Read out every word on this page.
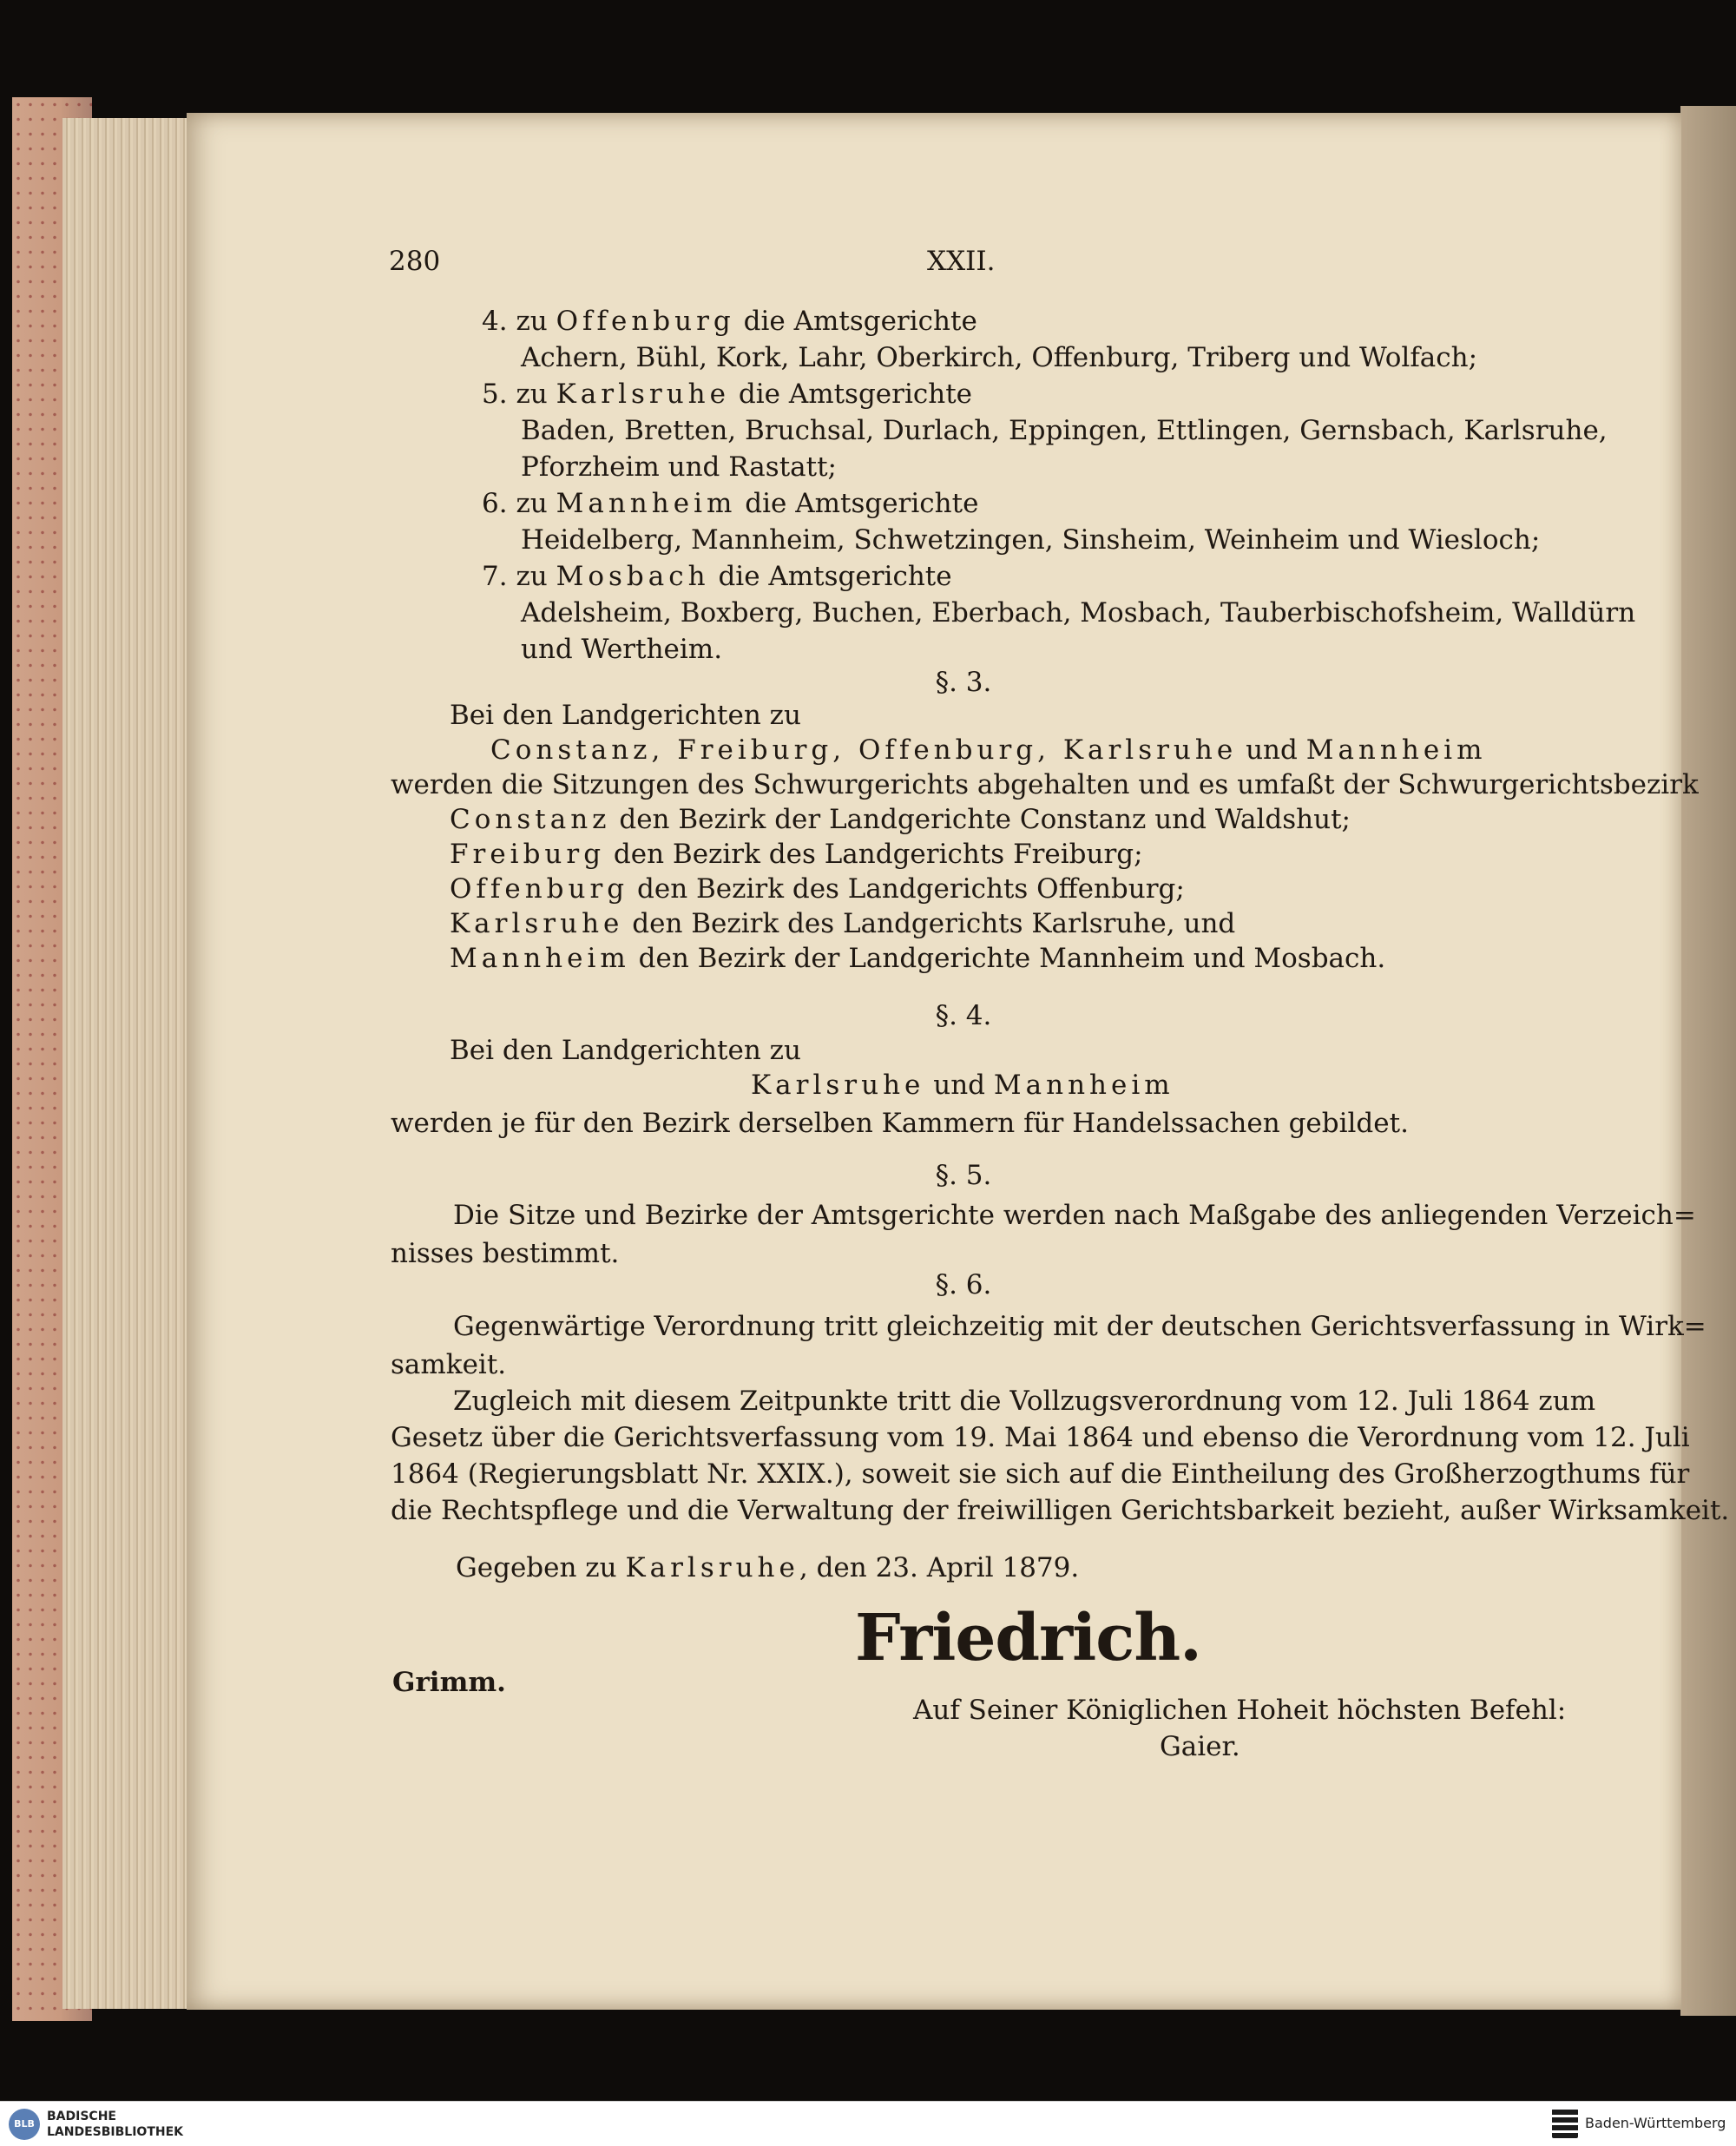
280	XXII.
4. zu Offenburg die Amtsgerichte
Achern, Bühl, Kork, Lahr, Oberkirch, Offenburg, Triberg und Wolfach;
5. zu Karlsruhe die Amtsgerichte
Baden, Bretten, Bruchsal, Durlach, Eppingen, Ettlingen, Gernsbach, Karlsruhe,
Pforzheim und Rastatt;
6. zu Mannheim die Amtsgerichte
Heidelberg, Mannheim, Schwetzingen, Sinsheim, Weinheim und Wiesloch;
7. zu Mosbach die Amtsgerichte
Adelsheim, Boxberg, Buchen, Eberbach, Mosbach, Tauberbischofsheim, Walldürn
und Wertheim.
§. 3.
Bei den Landgerichten zu
Constanz, Freiburg, Offenburg, Karlsruhe und Mannheim
werden die Sitzungen des Schwurgerichts abgehalten und es umfaßt der Schwurgerichtsbezirk
Constanz den Bezirk der Landgerichte Constanz und Waldshut;
Freiburg den Bezirk des Landgerichts Freiburg;
Offenburg den Bezirk des Landgerichts Offenburg;
Karlsruhe den Bezirk des Landgerichts Karlsruhe, und
Mannheim den Bezirk der Landgerichte Mannheim und Mosbach.
§. 4.
Bei den Landgerichten zu
Karlsruhe und Mannheim
werden je für den Bezirk derselben Kammern für Handelssachen gebildet.
§. 5.
Die Sitze und Bezirke der Amtsgerichte werden nach Maßgabe des anliegenden Verzeich=
nisses bestimmt.
§. 6.
Gegenwärtige Verordnung tritt gleichzeitig mit der deutschen Gerichtsverfassung in Wirk=
samkeit.
Zugleich mit diesem Zeitpunkte tritt die Vollzugsverordnung vom 12. Juli 1864 zum
Gesetz über die Gerichtsverfassung vom 19. Mai 1864 und ebenso die Verordnung vom 12. Juli
1864 (Regierungsblatt Nr. XXIX.), soweit sie sich auf die Eintheilung des Großherzogthums für
die Rechtspflege und die Verwaltung der freiwilligen Gerichtsbarkeit bezieht, außer Wirksamkeit.
Gegeben zu Karlsruhe, den 23. April 1879.
Friedrich.
Grimm.
Auf Seiner Königlichen Hoheit höchsten Befehl:
Gaier.
BLB
BADISCHE
LANDESBIBLIOTHEK
Baden-Württemberg
